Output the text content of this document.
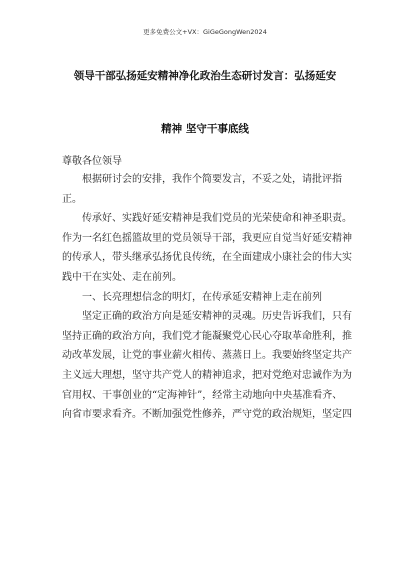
更多免费公文+VX：GiGeGongWen2024
领导干部弘扬延安精神净化政治生态研讨发言：弘扬延安
精神 坚守干事底线
尊敬各位领导

根据研讨会的安排，我作个简要发言，不妥之处，请批评指正。

传承好、实践好延安精神是我们党员的光荣使命和神圣职责。作为一名红色摇篮故里的党员领导干部，我更应自觉当好延安精神的传承人，带头继承弘扬优良传统，在全面建成小康社会的伟大实践中干在实处、走在前列。

一、长亮理想信念的明灯，在传承延安精神上走在前列

坚定正确的政治方向是延安精神的灵魂。历史告诉我们，只有坚持正确的政治方向，我们党才能凝聚党心民心夺取革命胜利，推动改革发展，让党的事业薪火相传、蒸蒸日上。我要始终坚定共产主义远大理想，坚守共产党人的精神追求，把对党绝对忠诚作为为官用权、干事创业的“定海神针”，经常主动地向中央基准看齐、向省市要求看齐。不断加强党性修养，严守党的政治规矩，坚定四
